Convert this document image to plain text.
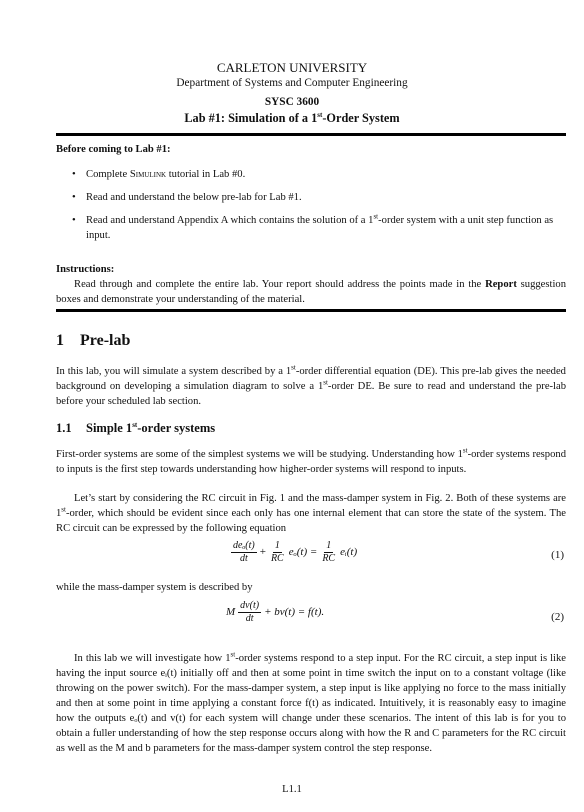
CARLETON UNIVERSITY
Department of Systems and Computer Engineering
SYSC 3600
Lab #1: Simulation of a 1st-Order System
Before coming to Lab #1:
• Complete Simulink tutorial in Lab #0.
• Read and understand the below pre-lab for Lab #1.
• Read and understand Appendix A which contains the solution of a 1st-order system with a unit step function as input.
Instructions:
Read through and complete the entire lab. Your report should address the points made in the Report suggestion boxes and demonstrate your understanding of the material.
1 Pre-lab
In this lab, you will simulate a system described by a 1st-order differential equation (DE). This pre-lab gives the needed background on developing a simulation diagram to solve a 1st-order DE. Be sure to read and understand the pre-lab before your scheduled lab section.
1.1 Simple 1st-order systems
First-order systems are some of the simplest systems we will be studying. Understanding how 1st-order systems respond to inputs is the first step towards understanding how higher-order systems will respond to inputs.
Let’s start by considering the RC circuit in Fig. 1 and the mass-damper system in Fig. 2. Both of these systems are 1st-order, which should be evident since each only has one internal element that can store the state of the system. The RC circuit can be expressed by the following equation
$\frac{\text{deₒ(t)}}{dt} + \frac{1}{RC} e_o(t) = \frac{1}{RC}$ eᵢ(t)	(1)
while the mass-damper system is described by
M $\frac{dv(t)}{dt} + bv(t) = f(t)$.	(2)
In this lab we will investigate how 1st-order systems respond to a step input. For the RC circuit, a step input is like having the input source eᵢ(t) initially off and then at some point in time switch the input on to a constant voltage (like throwing on the power switch). For the mass-damper system, a step input is like applying no force to the mass initially and then at some point in time applying a constant force f(t) as indicated. Intuitively, it is reasonably easy to imagine how the outputs eₒ(t) and v(t) for each system will change under these scenarios. The intent of this lab is for you to obtain a fuller understanding of how the step response occurs along with how the R and C parameters for the RC circuit as well as the M and b parameters for the mass-damper system control the step response.
L1.1
